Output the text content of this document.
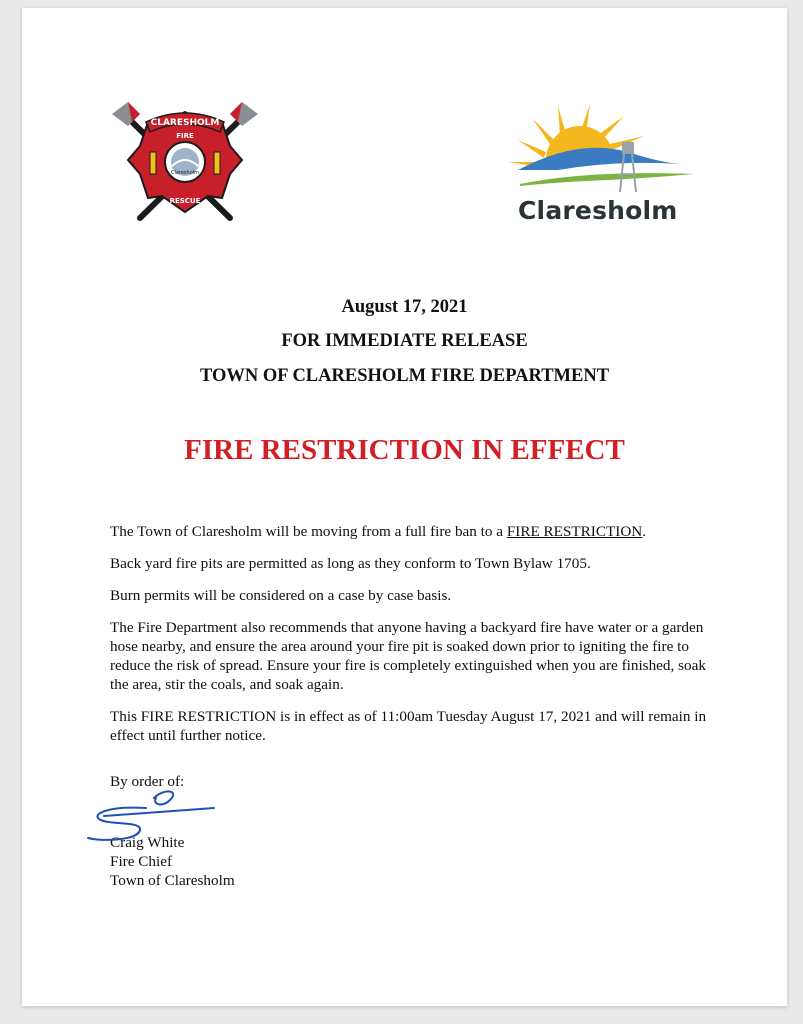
CLARESHOLM
FIRE
Claresholm
RESCUE	Claresholm
August 17, 2021
FOR IMMEDIATE RELEASE
TOWN OF CLARESHOLM FIRE DEPARTMENT
FIRE RESTRICTION IN EFFECT

The Town of Claresholm will be moving from a full fire ban to a FIRE RESTRICTION.

Back yard fire pits are permitted as long as they conform to Town Bylaw 1705.

Burn permits will be considered on a case by case basis.

The Fire Department also recommends that anyone having a backyard fire have water or a garden hose nearby, and ensure the area around your fire pit is soaked down prior to igniting the fire to reduce the risk of spread. Ensure your fire is completely extinguished when you are finished, soak the area, stir the coals, and soak again.

This FIRE RESTRICTION is in effect as of 11:00am Tuesday August 17, 2021 and will remain in effect until further notice.

By order of:
Craig White
Fire Chief
Town of Claresholm
